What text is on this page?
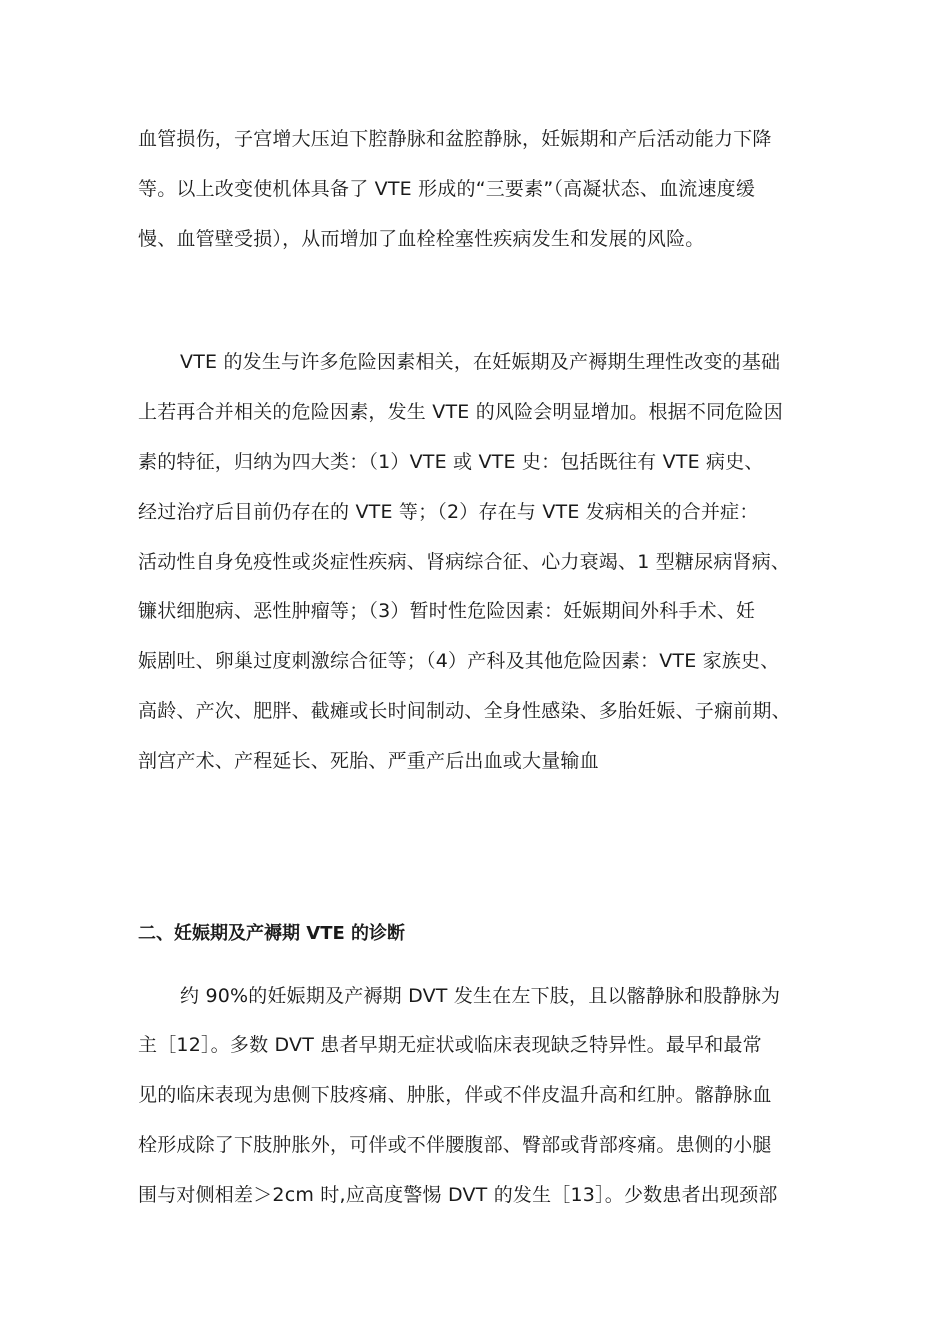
血管损伤，子宫增大压迫下腔静脉和盆腔静脉，妊娠期和产后活动能力下降
等。以上改变使机体具备了 VTE 形成的“三要素”（高凝状态、血流速度缓
慢、血管壁受损），从而增加了血栓栓塞性疾病发生和发展的风险。
VTE 的发生与许多危险因素相关，在妊娠期及产褥期生理性改变的基础
上若再合并相关的危险因素，发生 VTE 的风险会明显增加。根据不同危险因
素的特征，归纳为四大类：（1）VTE 或 VTE 史：包括既往有 VTE 病史、
经过治疗后目前仍存在的 VTE 等；（2）存在与 VTE 发病相关的合并症：
活动性自身免疫性或炎症性疾病、肾病综合征、心力衰竭、1 型糖尿病肾病、
镰状细胞病、恶性肿瘤等；（3）暂时性危险因素：妊娠期间外科手术、妊
娠剧吐、卵巢过度刺激综合征等；（4）产科及其他危险因素：VTE 家族史、
高龄、产次、肥胖、截瘫或长时间制动、全身性感染、多胎妊娠、子痫前期、
剖宫产术、产程延长、死胎、严重产后出血或大量输血
二、妊娠期及产褥期 VTE 的诊断
约 90%的妊娠期及产褥期 DVT 发生在左下肢，且以髂静脉和股静脉为
主［12］。多数 DVT 患者早期无症状或临床表现缺乏特异性。最早和最常
见的临床表现为患侧下肢疼痛、肿胀，伴或不伴皮温升高和红肿。髂静脉血
栓形成除了下肢肿胀外，可伴或不伴腰腹部、臀部或背部疼痛。患侧的小腿
围与对侧相差＞2cm 时,应高度警惕 DVT 的发生［13］。少数患者出现颈部
